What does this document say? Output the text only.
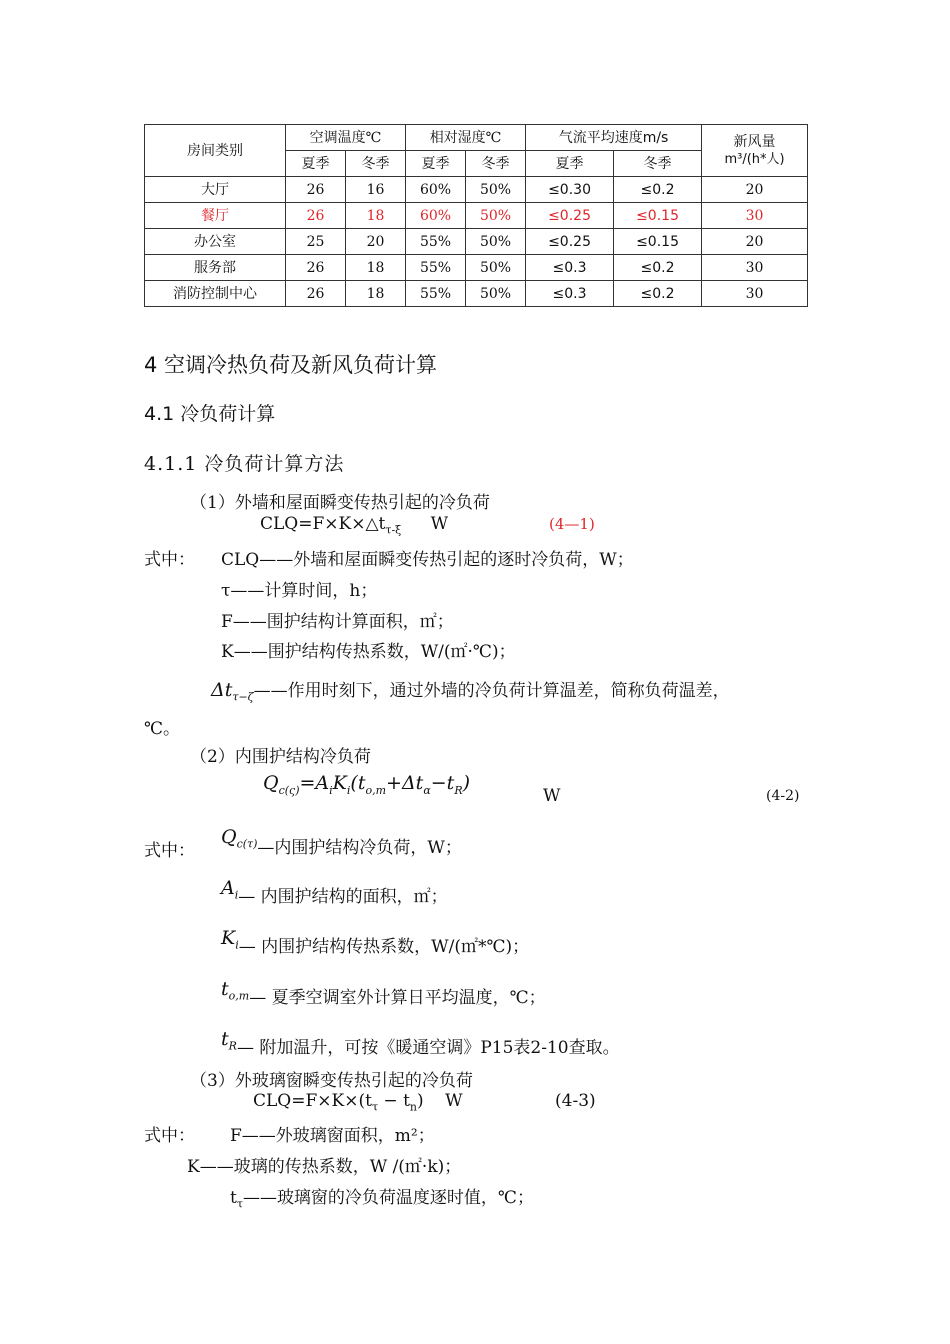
房间类别	空调温度℃		相对湿度℃		气流平均速度m/s		新风量
m³/(h*人)

	夏季	冬季	夏季	冬季	夏季	冬季	
大厅	26	16	60%	50%	≤0.30	≤0.2	20
餐厅	26	18	60%	50%	≤0.25	≤0.15	30
办公室	25	20	55%	50%	≤0.25	≤0.15	20
服务部	26	18	55%	50%	≤0.3	≤0.2	30
消防控制中心	26	18	55%	50%	≤0.3	≤0.2	30
4 空调冷热负荷及新风负荷计算
4.1 冷负荷计算
4.1.1 冷负荷计算方法
（1）外墙和屋面瞬变传热引起的冷负荷
$CLQ=F\times K\times\triangle t_{\tau-\xi}$ W	(4—1)
式中： CLQ——外墙和屋面瞬变传热引起的逐时冷负荷，W；
τ——计算时间，h；
F——围护结构计算面积，㎡；
K——围护结构传热系数，W/(㎡·℃)；
$\Delta t_{\tau-\zeta}——$作用时刻下，通过外墙的冷负荷计算温差，简称负荷温差，
℃。
（2）内围护结构冷负荷
$Q_{c(\varsigma)}=A_iK_i(t_{o,m}+\Delta t_\alpha-t_R)$
W	(4-2)
式中：
$Q_{c(\tau)}—$内围护结构冷负荷，W；
$A_i—$ 内围护结构的面积，㎡；
$K_i—$ 内围护结构传热系数，W/(㎡*℃)；
$t_{o,m}—$ 夏季空调室外计算日平均温度，℃；
$t_R—$ 附加温升，可按《暖通空调》P15表2-10查取。
（3）外玻璃窗瞬变传热引起的冷负荷
$CLQ=F\times K\times(t_\tau - t_n)$ W	(4-3)
式中： F——外玻璃窗面积，m²；
K——玻璃的传热系数，W /(㎡·k)；
$t_\tau——$玻璃窗的冷负荷温度逐时值，℃；
